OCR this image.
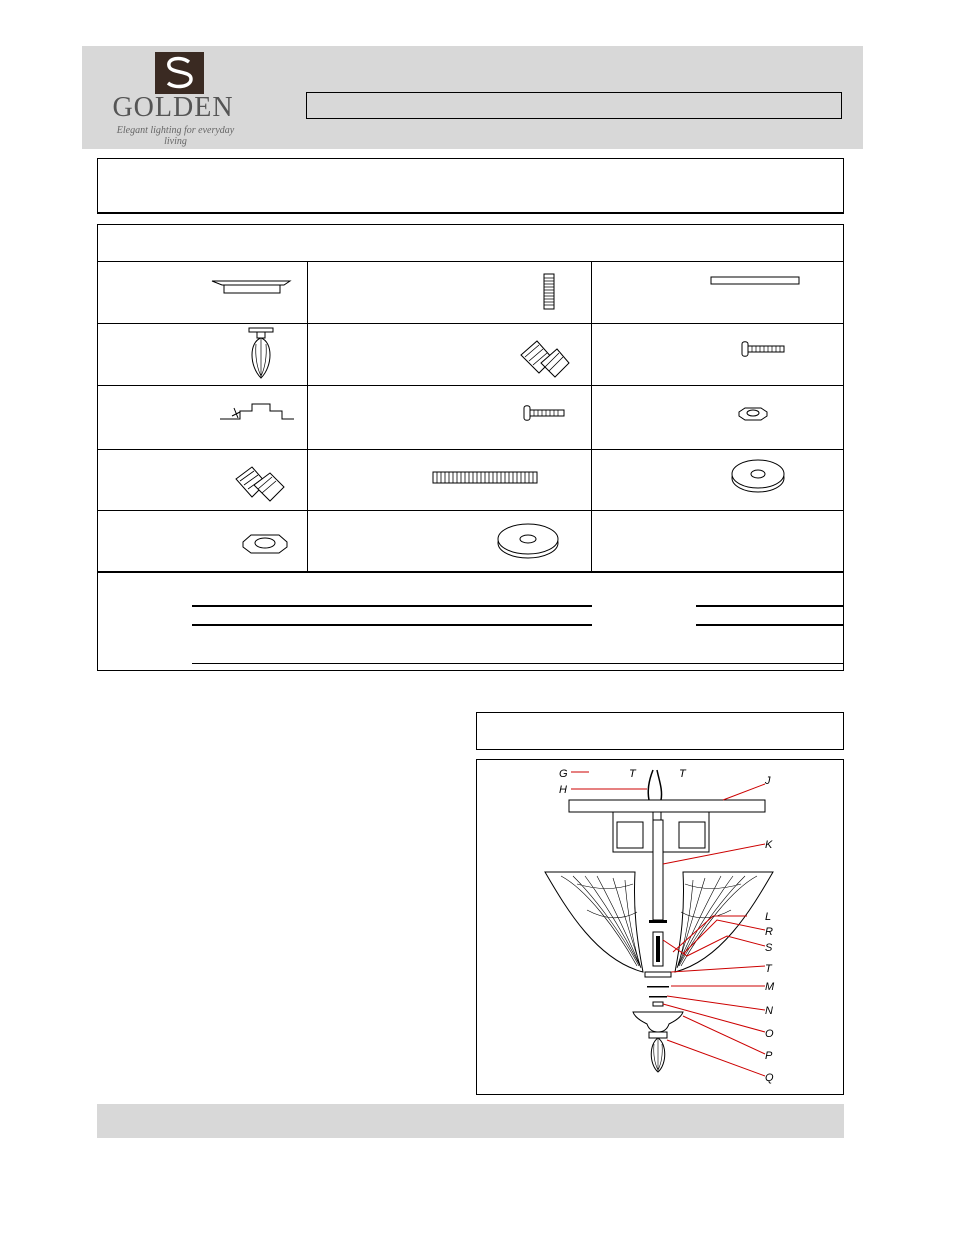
GOLDEN
Elegant lighting for everyday living
G
H
T	T
J
K
L
R
S
T
M
N
O
P
Q
